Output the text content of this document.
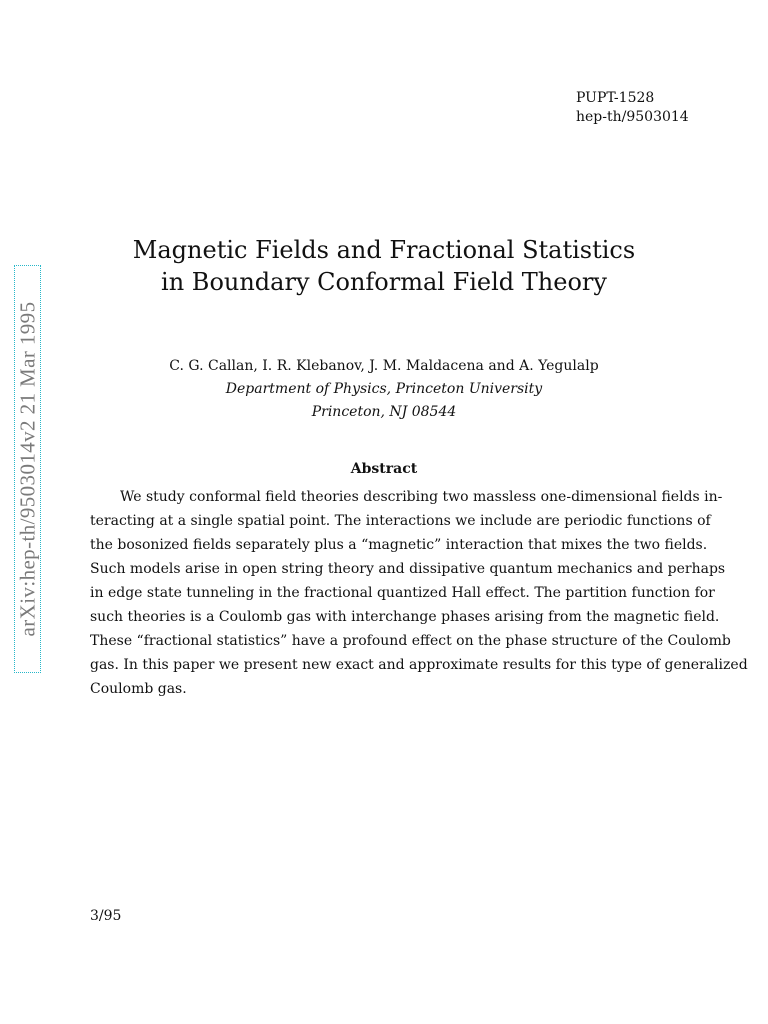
PUPT-1528
hep-th/9503014
arXiv:hep-th/9503014v2 21 Mar 1995
Magnetic Fields and Fractional Statistics
in Boundary Conformal Field Theory
C. G. Callan, I. R. Klebanov, J. M. Maldacena and A. Yegulalp
Department of Physics, Princeton University
Princeton, NJ 08544
Abstract
We study conformal field theories describing two massless one-dimensional fields in-
teracting at a single spatial point. The interactions we include are periodic functions of
the bosonized fields separately plus a “magnetic” interaction that mixes the two fields.
Such models arise in open string theory and dissipative quantum mechanics and perhaps
in edge state tunneling in the fractional quantized Hall effect. The partition function for
such theories is a Coulomb gas with interchange phases arising from the magnetic field.
These “fractional statistics” have a profound effect on the phase structure of the Coulomb
gas. In this paper we present new exact and approximate results for this type of generalized
Coulomb gas.
3/95
